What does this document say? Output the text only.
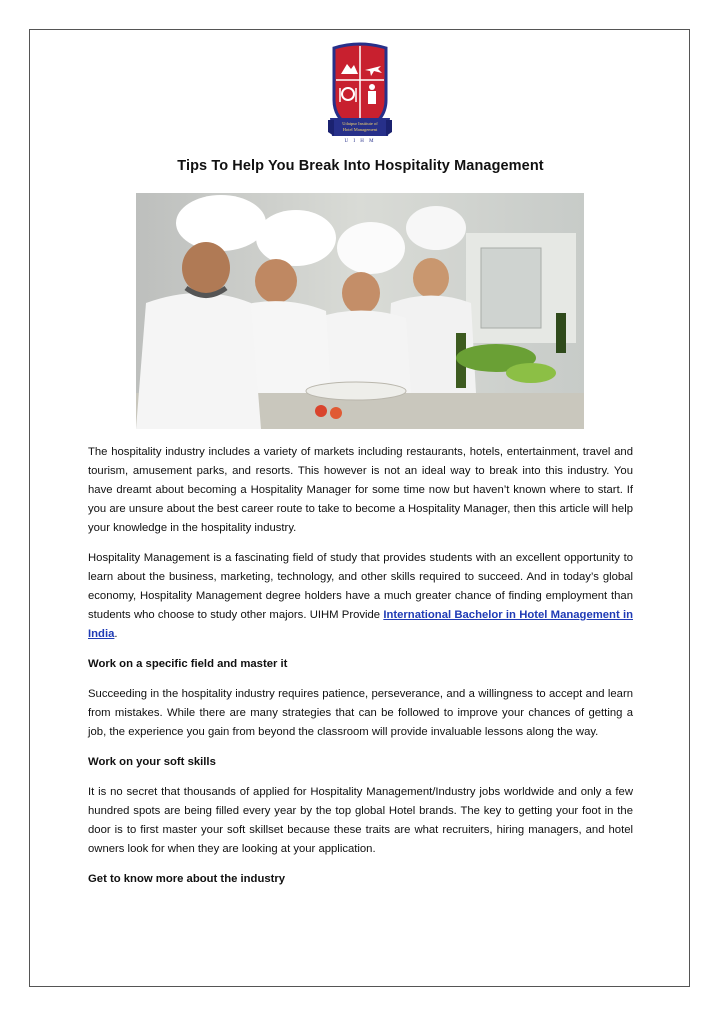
Udaipur Institute of
Hotel Management
U I H M
Tips To Help You Break Into Hospitality Management

The hospitality industry includes a variety of markets including restaurants, hotels, entertainment, travel and tourism, amusement parks, and resorts. This however is not an ideal way to break into this industry. You have dreamt about becoming a Hospitality Manager for some time now but haven’t known where to start. If you are unsure about the best career route to take to become a Hospitality Manager, then this article will help your knowledge in the hospitality industry.

Hospitality Management is a fascinating field of study that provides students with an excellent opportunity to learn about the business, marketing, technology, and other skills required to succeed. And in today’s global economy, Hospitality Management degree holders have a much greater chance of finding employment than students who choose to study other majors. UIHM Provide International Bachelor in Hotel Management in India.

Work on a specific field and master it

Succeeding in the hospitality industry requires patience, perseverance, and a willingness to accept and learn from mistakes. While there are many strategies that can be followed to improve your chances of getting a job, the experience you gain from beyond the classroom will provide invaluable lessons along the way.

Work on your soft skills

It is no secret that thousands of applied for Hospitality Management/Industry jobs worldwide and only a few hundred spots are being filled every year by the top global Hotel brands. The key to getting your foot in the door is to first master your soft skillset because these traits are what recruiters, hiring managers, and hotel owners look for when they are looking at your application.

Get to know more about the industry
